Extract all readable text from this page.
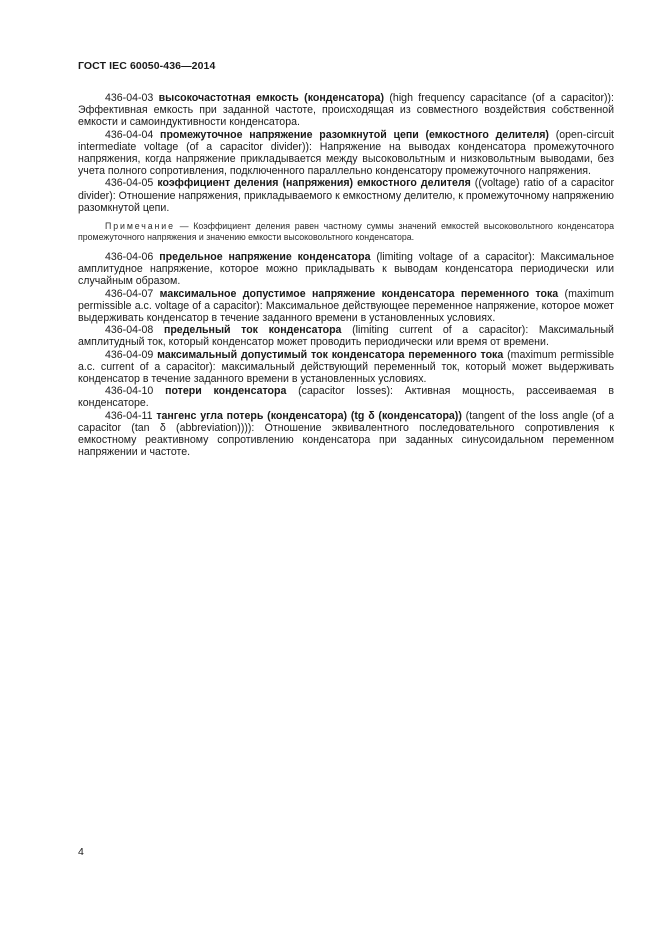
ГОСТ IEC 60050-436—2014

436-04-03 высокочастотная емкость (конденсатора) (high frequency capacitance (of a capacitor)): Эффективная емкость при заданной частоте, происходящая из совместного воздействия собственной емкости и самоиндуктивности конденсатора.

436-04-04 промежуточное напряжение разомкнутой цепи (емкостного делителя) (open-circuit intermediate voltage (of a capacitor divider)): Напряжение на выводах конденсатора промежуточного напряжения, когда напряжение прикладывается между высоковольтным и низковольтным выводами, без учета полного сопротивления, подключенного параллельно конденсатору промежуточного напряжения.

436-04-05 коэффициент деления (напряжения) емкостного делителя ((voltage) ratio of a capacitor divider): Отношение напряжения, прикладываемого к емкостному делителю, к промежуточному напряжению разомкнутой цепи.

Примечание — Коэффициент деления равен частному суммы значений емкостей высоковольтного конденсатора промежуточного напряжения и значению емкости высоковольтного конденсатора.

436-04-06 предельное напряжение конденсатора (limiting voltage of a capacitor): Максимальное амплитудное напряжение, которое можно прикладывать к выводам конденсатора периодически или случайным образом.

436-04-07 максимальное допустимое напряжение конденсатора переменного тока (maximum permissible a.c. voltage of a capacitor): Максимальное действующее переменное напряжение, которое может выдерживать конденсатор в течение заданного времени в установленных условиях.

436-04-08 предельный ток конденсатора (limiting current of a capacitor): Максимальный амплитудный ток, который конденсатор может проводить периодически или время от времени.

436-04-09 максимальный допустимый ток конденсатора переменного тока (maximum permissible a.c. current of a capacitor): максимальный действующий переменный ток, который может выдерживать конденсатор в течение заданного времени в установленных условиях.

436-04-10 потери конденсатора (capacitor losses): Активная мощность, рассеиваемая в конденсаторе.

436-04-11 тангенс угла потерь (конденсатора) (tg δ (конденсатора)) (tangent of the loss angle (of a capacitor (tan δ (abbreviation)))): Отношение эквивалентного последовательного сопротивления к емкостному реактивному сопротивлению конденсатора при заданных синусоидальном переменном напряжении и частоте.

4
